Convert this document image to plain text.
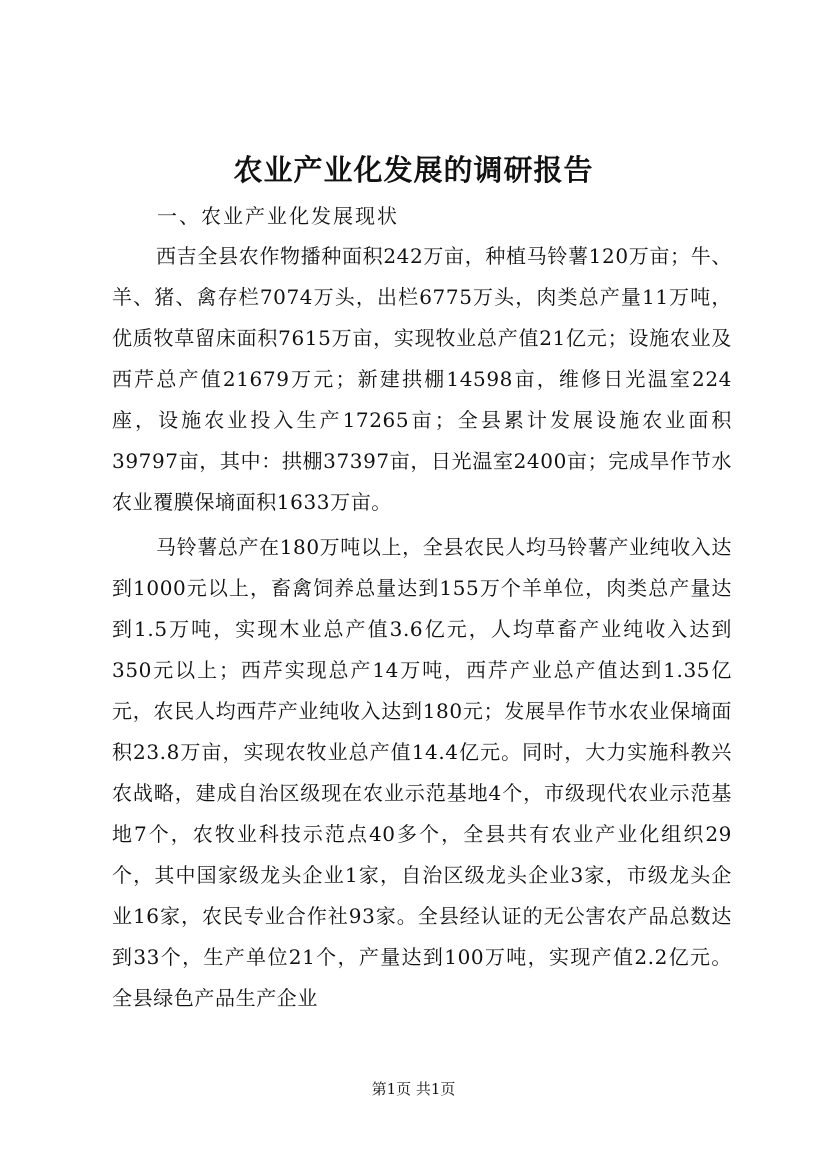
农业产业化发展的调研报告
一、农业产业化发展现状

西吉全县农作物播种面积242万亩，种植马铃薯120万亩；牛、羊、猪、禽存栏7074万头，出栏6775万头，肉类总产量11万吨，优质牧草留床面积7615万亩，实现牧业总产值21亿元；设施农业及西芹总产值21679万元；新建拱棚14598亩，维修日光温室224座，设施农业投入生产17265亩；全县累计发展设施农业面积39797亩，其中：拱棚37397亩，日光温室2400亩；完成旱作节水农业覆膜保墒面积1633万亩。

马铃薯总产在180万吨以上，全县农民人均马铃薯产业纯收入达到1000元以上，畜禽饲养总量达到155万个羊单位，肉类总产量达到1.5万吨，实现木业总产值3.6亿元，人均草畜产业纯收入达到350元以上；西芹实现总产14万吨，西芹产业总产值达到1.35亿元，农民人均西芹产业纯收入达到180元；发展旱作节水农业保墒面积23.8万亩，实现农牧业总产值14.4亿元。同时，大力实施科教兴农战略，建成自治区级现在农业示范基地4个，市级现代农业示范基地7个，农牧业科技示范点40多个，全县共有农业产业化组织29个，其中国家级龙头企业1家，自治区级龙头企业3家，市级龙头企业16家，农民专业合作社93家。全县经认证的无公害农产品总数达到33个，生产单位21个，产量达到100万吨，实现产值2.2亿元。全县绿色产品生产企业

第1页 共1页
